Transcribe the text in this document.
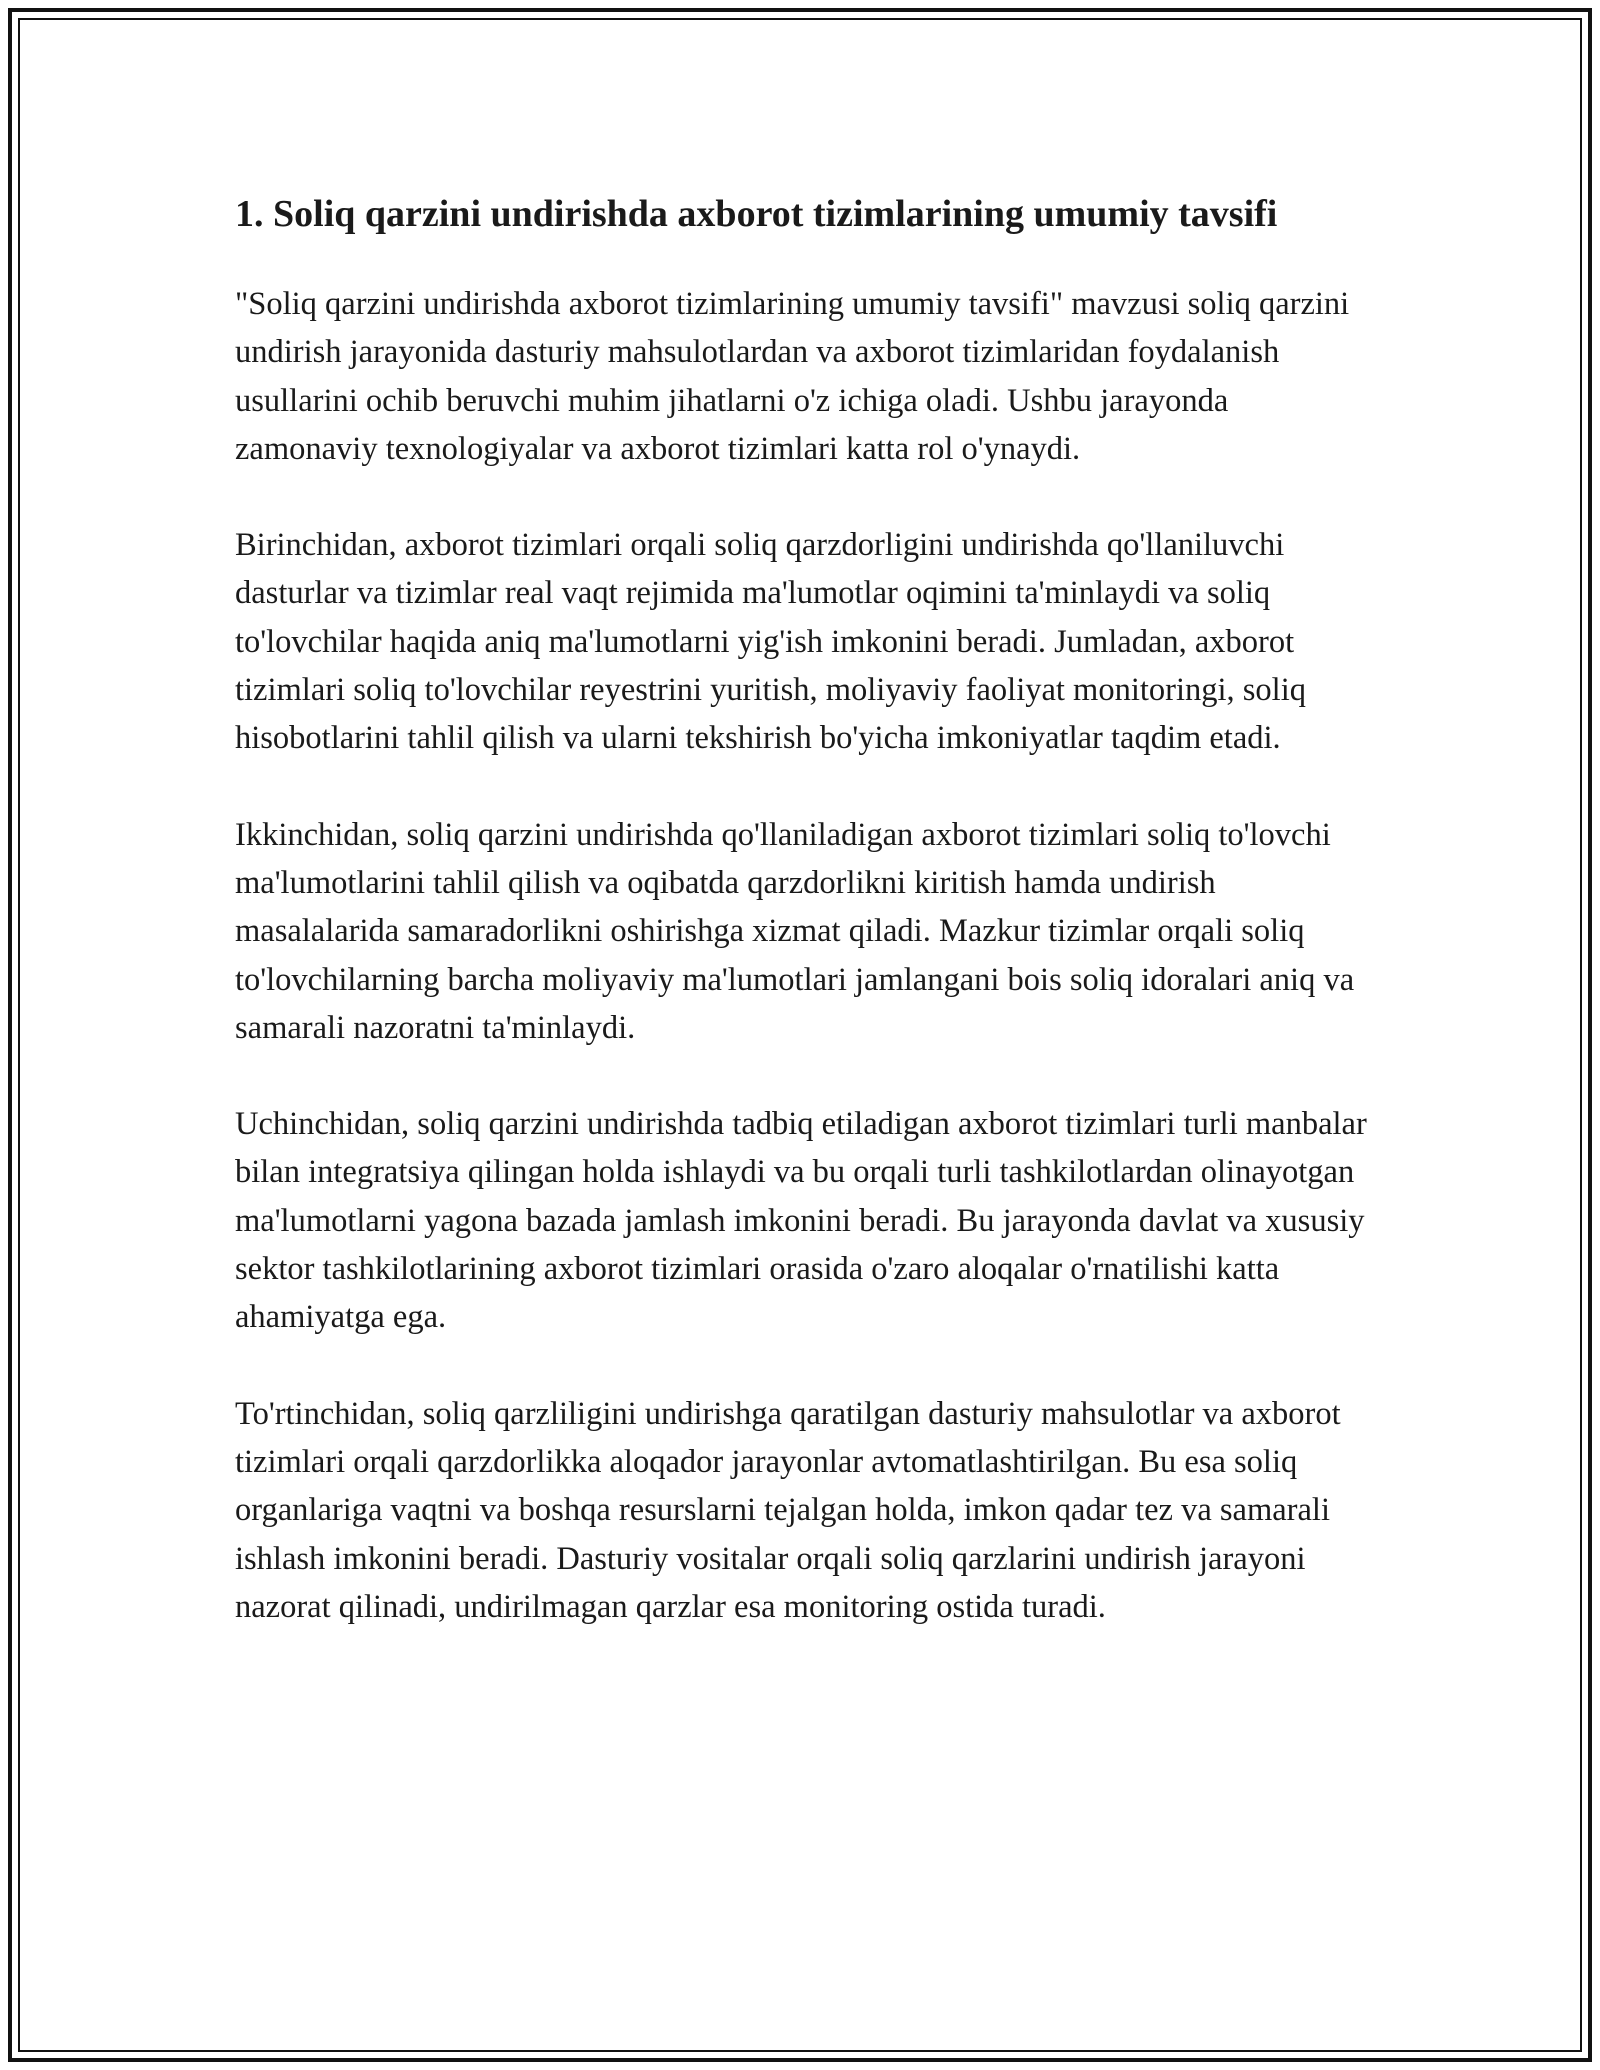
1. Soliq qarzini undirishda axborot tizimlarining umumiy tavsifi

"Soliq qarzini undirishda axborot tizimlarining umumiy tavsifi" mavzusi soliq qarzini undirish jarayonida dasturiy mahsulotlardan va axborot tizimlaridan foydalanish usullarini ochib beruvchi muhim jihatlarni o'z ichiga oladi. Ushbu jarayonda zamonaviy texnologiyalar va axborot tizimlari katta rol o'ynaydi.

Birinchidan, axborot tizimlari orqali soliq qarzdorligini undirishda qo'llaniluvchi dasturlar va tizimlar real vaqt rejimida ma'lumotlar oqimini ta'minlaydi va soliq to'lovchilar haqida aniq ma'lumotlarni yig'ish imkonini beradi. Jumladan, axborot tizimlari soliq to'lovchilar reyestrini yuritish, moliyaviy faoliyat monitoringi, soliq hisobotlarini tahlil qilish va ularni tekshirish bo'yicha imkoniyatlar taqdim etadi.

Ikkinchidan, soliq qarzini undirishda qo'llaniladigan axborot tizimlari soliq to'lovchi ma'lumotlarini tahlil qilish va oqibatda qarzdorlikni kiritish hamda undirish masalalarida samaradorlikni oshirishga xizmat qiladi. Mazkur tizimlar orqali soliq to'lovchilarning barcha moliyaviy ma'lumotlari jamlangani bois soliq idoralari aniq va samarali nazoratni ta'minlaydi.

Uchinchidan, soliq qarzini undirishda tadbiq etiladigan axborot tizimlari turli manbalar bilan integratsiya qilingan holda ishlaydi va bu orqali turli tashkilotlardan olinayotgan ma'lumotlarni yagona bazada jamlash imkonini beradi. Bu jarayonda davlat va xususiy sektor tashkilotlarining axborot tizimlari orasida o'zaro aloqalar o'rnatilishi katta ahamiyatga ega.

To'rtinchidan, soliq qarzliligini undirishga qaratilgan dasturiy mahsulotlar va axborot tizimlari orqali qarzdorlikka aloqador jarayonlar avtomatlashtirilgan. Bu esa soliq organlariga vaqtni va boshqa resurslarni tejalgan holda, imkon qadar tez va samarali ishlash imkonini beradi. Dasturiy vositalar orqali soliq qarzlarini undirish jarayoni nazorat qilinadi, undirilmagan qarzlar esa monitoring ostida turadi.
